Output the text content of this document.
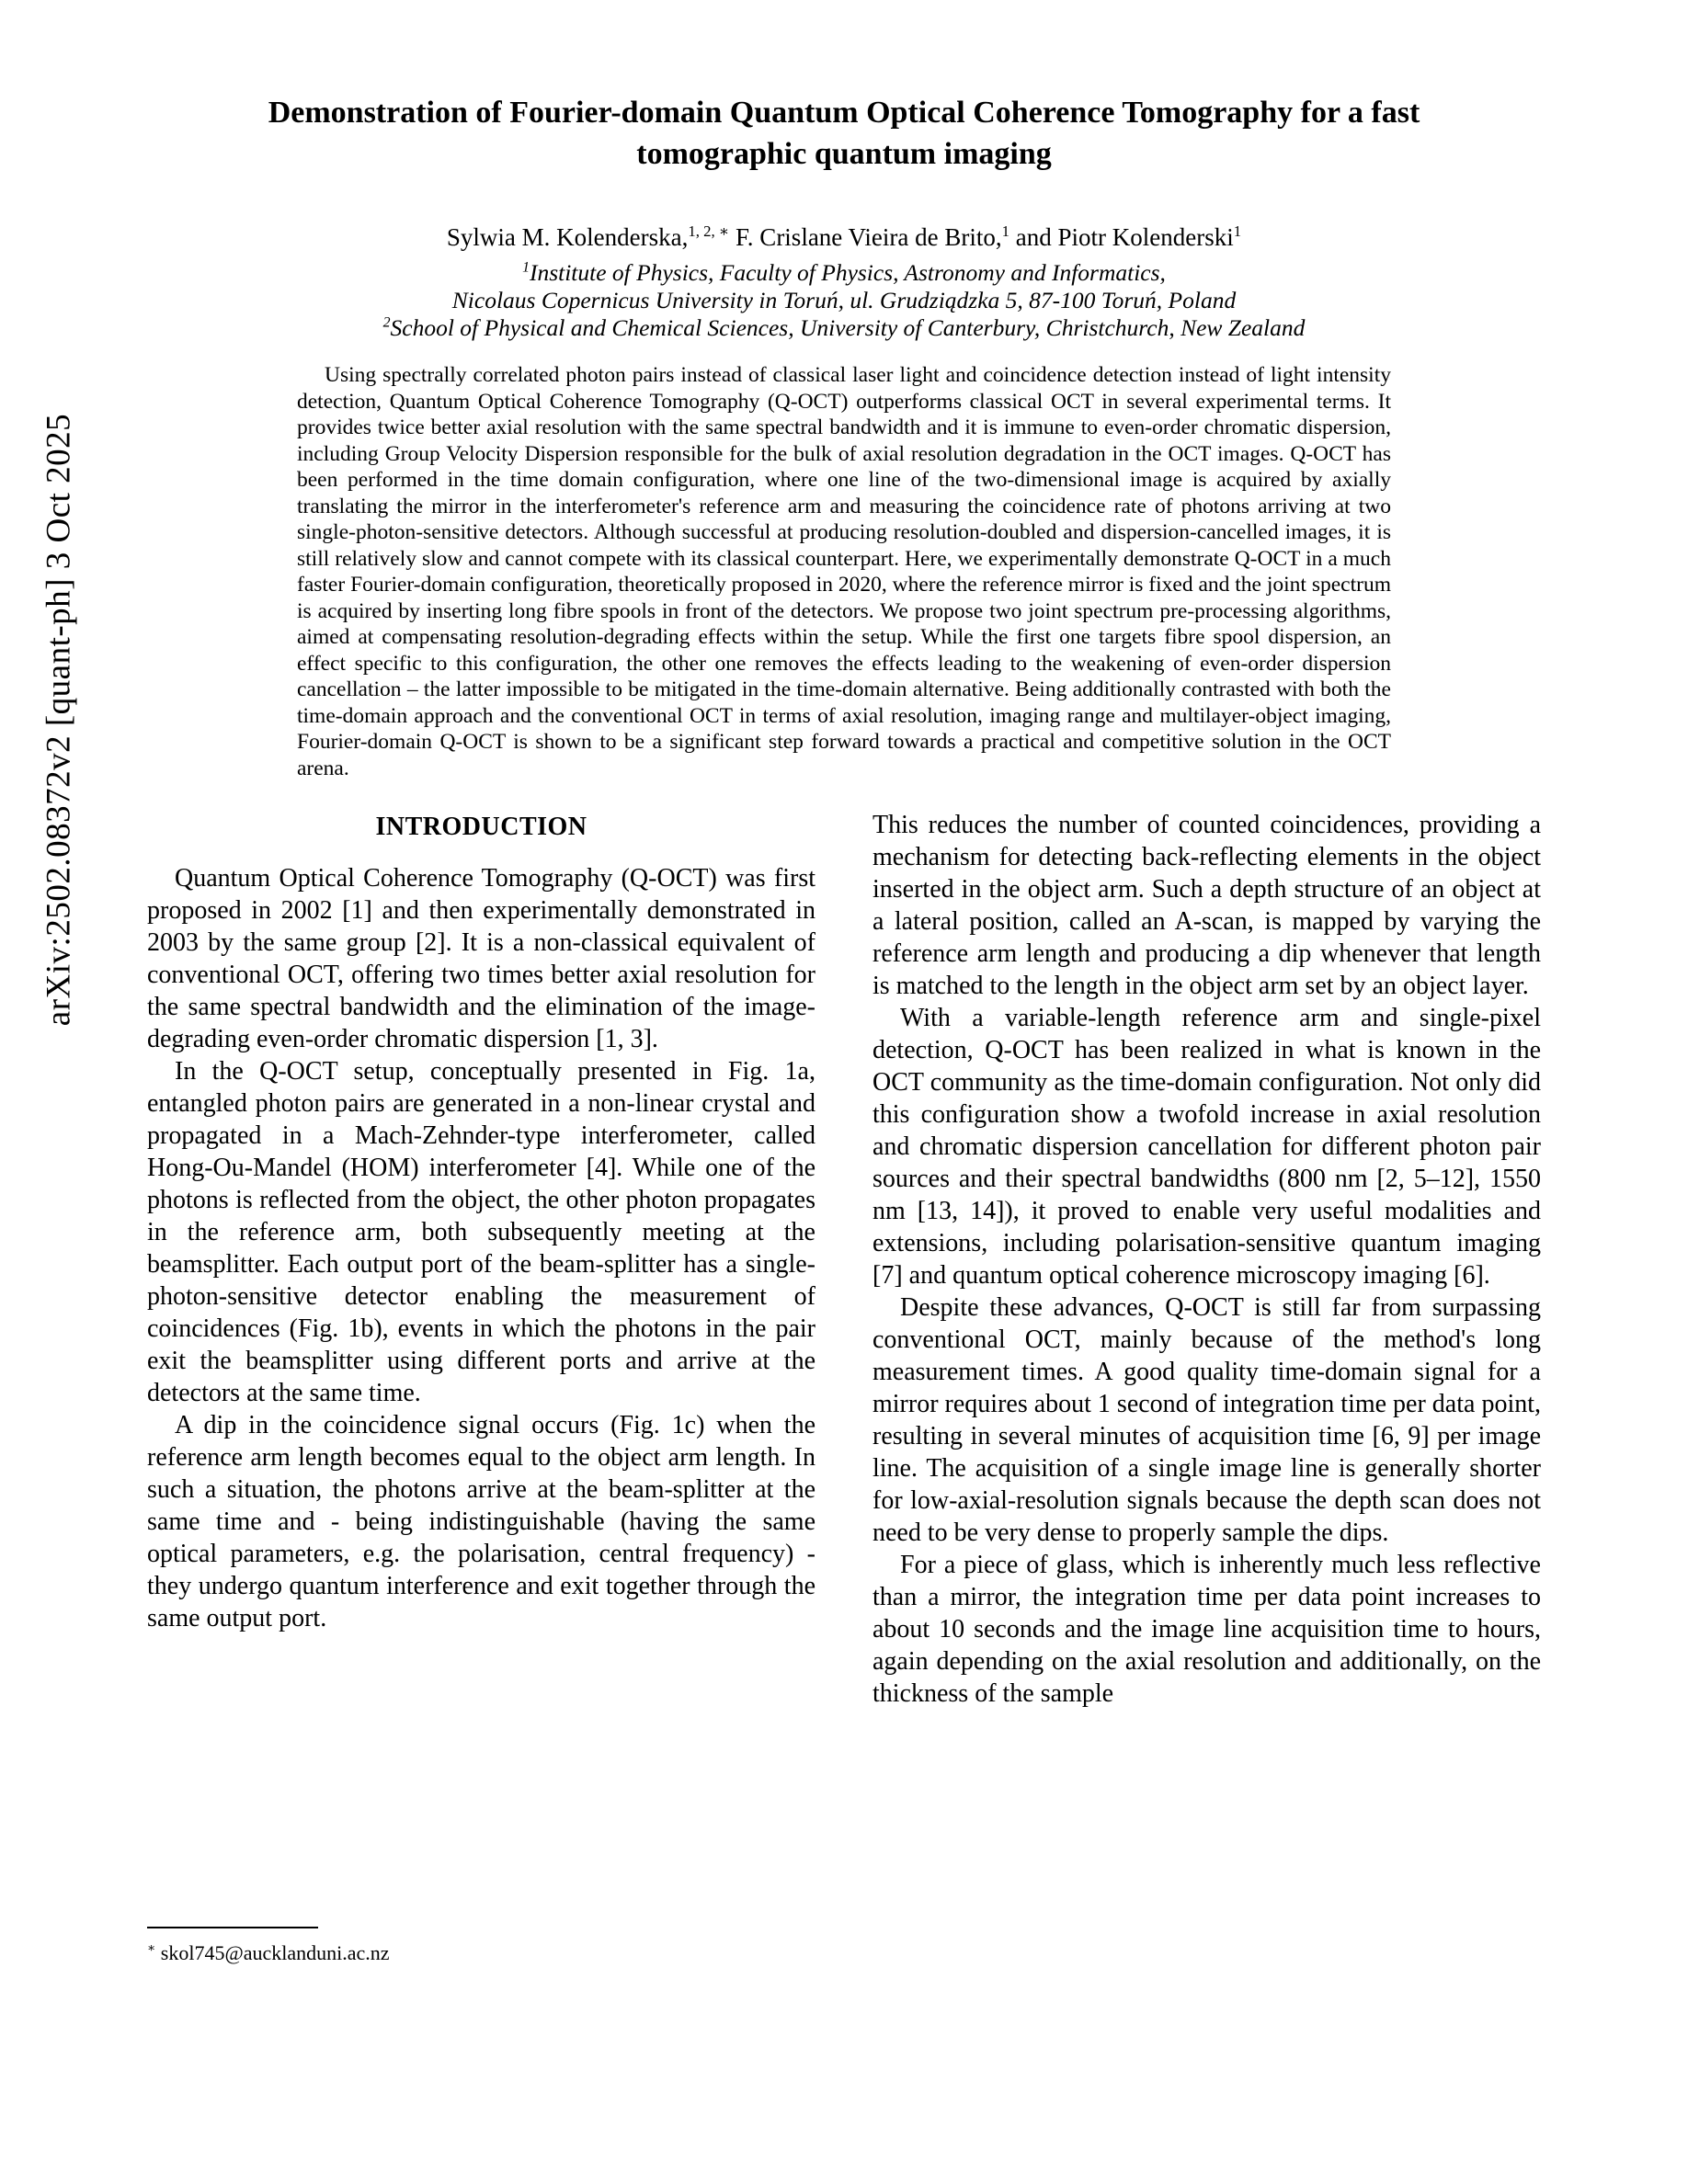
arXiv:2502.08372v2 [quant-ph] 3 Oct 2025
Demonstration of Fourier-domain Quantum Optical Coherence Tomography for a fast
tomographic quantum imaging
Sylwia M. Kolenderska,$^{1, 2, ∗}$ F. Crislane Vieira de Brito,$^1$ and Piotr Kolenderski$^1$
$^1$Institute of Physics, Faculty of Physics, Astronomy and Informatics,
Nicolaus Copernicus University in Toruń, ul. Grudziądzka 5, 87-100 Toruń, Poland
$^2$School of Physical and Chemical Sciences, University of Canterbury, Christchurch, New Zealand
Using spectrally correlated photon pairs instead of classical laser light and coincidence detection instead of light intensity detection, Quantum Optical Coherence Tomography (Q-OCT) outperforms classical OCT in several experimental terms. It provides twice better axial resolution with the same spectral bandwidth and it is immune to even-order chromatic dispersion, including Group Velocity Dispersion responsible for the bulk of axial resolution degradation in the OCT images. Q-OCT has been performed in the time domain configuration, where one line of the two-dimensional image is acquired by axially translating the mirror in the interferometer's reference arm and measuring the coincidence rate of photons arriving at two single-photon-sensitive detectors. Although successful at producing resolution-doubled and dispersion-cancelled images, it is still relatively slow and cannot compete with its classical counterpart. Here, we experimentally demonstrate Q-OCT in a much faster Fourier-domain configuration, theoretically proposed in 2020, where the reference mirror is fixed and the joint spectrum is acquired by inserting long fibre spools in front of the detectors. We propose two joint spectrum pre-processing algorithms, aimed at compensating resolution-degrading effects within the setup. While the first one targets fibre spool dispersion, an effect specific to this configuration, the other one removes the effects leading to the weakening of even-order dispersion cancellation – the latter impossible to be mitigated in the time-domain alternative. Being additionally contrasted with both the time-domain approach and the conventional OCT in terms of axial resolution, imaging range and multilayer-object imaging, Fourier-domain Q-OCT is shown to be a significant step forward towards a practical and competitive solution in the OCT arena.
INTRODUCTION

Quantum Optical Coherence Tomography (Q-OCT) was first proposed in 2002 [1] and then experimentally demonstrated in 2003 by the same group [2]. It is a non-classical equivalent of conventional OCT, offering two times better axial resolution for the same spectral bandwidth and the elimination of the image-degrading even-order chromatic dispersion [1, 3].

In the Q-OCT setup, conceptually presented in Fig. 1a, entangled photon pairs are generated in a non-linear crystal and propagated in a Mach-Zehnder-type interferometer, called Hong-Ou-Mandel (HOM) interferometer [4]. While one of the photons is reflected from the object, the other photon propagates in the reference arm, both subsequently meeting at the beamsplitter. Each output port of the beam-splitter has a single-photon-sensitive detector enabling the measurement of coincidences (Fig. 1b), events in which the photons in the pair exit the beamsplitter using different ports and arrive at the detectors at the same time.

A dip in the coincidence signal occurs (Fig. 1c) when the reference arm length becomes equal to the object arm length. In such a situation, the photons arrive at the beam-splitter at the same time and - being indistinguishable (having the same optical parameters, e.g. the polarisation, central frequency) - they undergo quantum interference and exit together through the same output port.

This reduces the number of counted coincidences, providing a mechanism for detecting back-reflecting elements in the object inserted in the object arm. Such a depth structure of an object at a lateral position, called an A-scan, is mapped by varying the reference arm length and producing a dip whenever that length is matched to the length in the object arm set by an object layer.

With a variable-length reference arm and single-pixel detection, Q-OCT has been realized in what is known in the OCT community as the time-domain configuration. Not only did this configuration show a twofold increase in axial resolution and chromatic dispersion cancellation for different photon pair sources and their spectral bandwidths (800 nm [2, 5–12], 1550 nm [13, 14]), it proved to enable very useful modalities and extensions, including polarisation-sensitive quantum imaging [7] and quantum optical coherence microscopy imaging [6].

Despite these advances, Q-OCT is still far from surpassing conventional OCT, mainly because of the method's long measurement times. A good quality time-domain signal for a mirror requires about 1 second of integration time per data point, resulting in several minutes of acquisition time [6, 9] per image line. The acquisition of a single image line is generally shorter for low-axial-resolution signals because the depth scan does not need to be very dense to properly sample the dips.

For a piece of glass, which is inherently much less reflective than a mirror, the integration time per data point increases to about 10 seconds and the image line acquisition time to hours, again depending on the axial resolution and additionally, on the thickness of the sample

∗ skol745@aucklanduni.ac.nz
